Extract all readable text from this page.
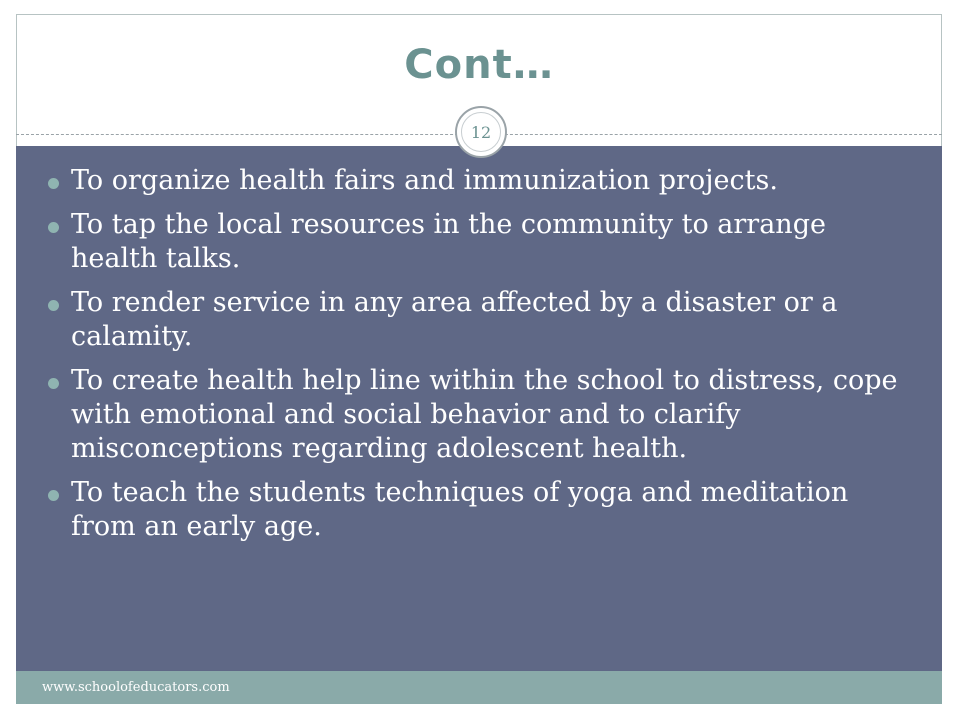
Cont…
12
To organize health fairs and immunization projects.
To tap the local resources in the community to arrange health talks.
To render service in any area affected by a disaster or a calamity.
To create health help line within the school to distress, cope with emotional and social behavior and to clarify misconceptions regarding adolescent health.
To teach the students techniques of yoga and meditation from an early age.
www.schoolofeducators.com
